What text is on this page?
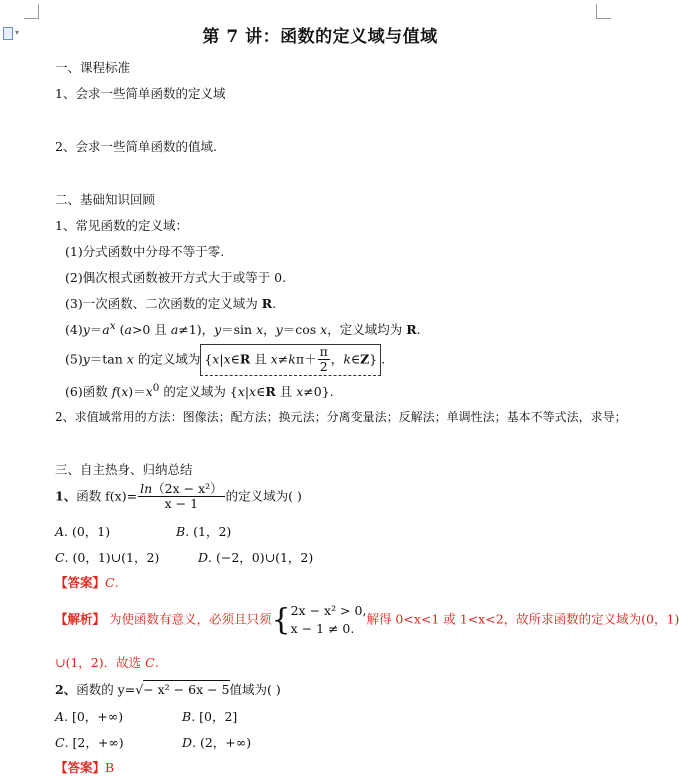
▾	第 7 讲：函数的定义域与值域
一、课程标准
1、会求一些简单函数的定义域
2、会求一些简单函数的值域.
二、基础知识回顾
1、常见函数的定义域：
(1)分式函数中分母不等于零.
(2)偶次根式函数被开方式大于或等于 0.
(3)一次函数、二次函数的定义域为 R.
$(4)y=a^x$ (a>0 且 a≠1)，y＝sin x，y＝cos x，定义域均为 R.
(5)y＝tan x 的定义域为 {x|x∈R 且 $x\ne k\pi+ \frac{\pi}{2}$ ，k∈Z} .
(6)函数 $f(x)=x^0$ 的定义域为 {x|x∈R 且 x≠0}.
2、求值域常用的方法：图像法；配方法；换元法；分离变量法；反解法；单调性法；基本不等式法，求导；
三、自主热身、归纳总结
1、函数 $f(x)= \frac{\text{ln（2x − x²）}}{x - 1}$ 的定义域为( )
A. (0，1)	B. (1，2)
C. (0，1)∪(1，2)	D. (−2，0)∪(1，2)
【答案】C.
【解析】 为使函数有意义，必须且只须{ 2x − x² > 0,
x − 1 ≠ 0.
解得 0<x<1 或 1<x<2，故所求函数的定义域为(0，1)
∪(1，2)．故选 C.
2、函数的 y=√− x² − 6x − 5值域为( )
A. [0，+∞)	B. [0，2]
C. [2，+∞)	D. (2，+∞)
【答案】B
